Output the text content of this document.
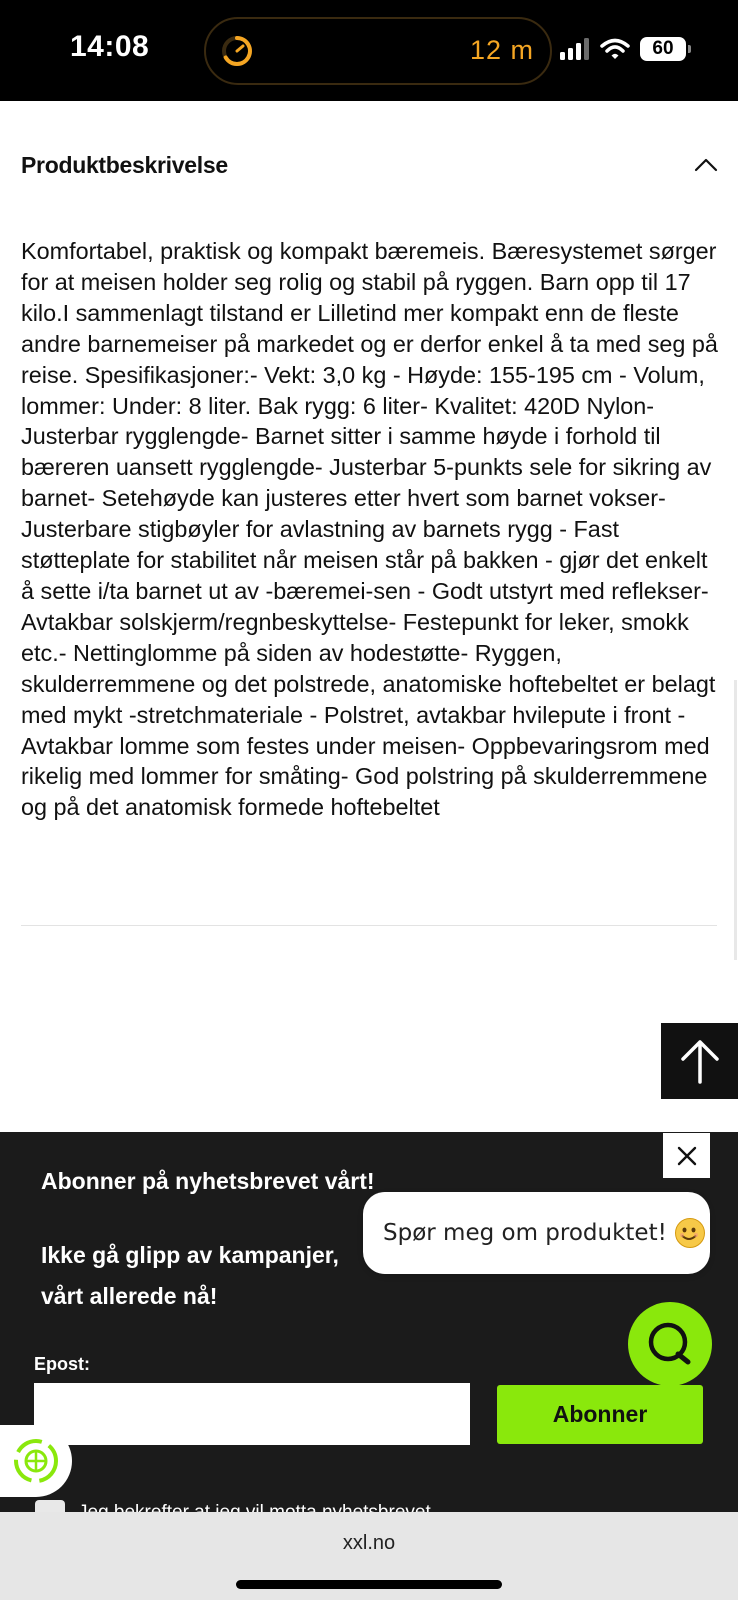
14:08	12 m	60
Produktbeskrivelse
Komfortabel, praktisk og kompakt bæremeis. Bæresystemet sørger for at meisen holder seg rolig og stabil på ryggen. Barn opp til 17 kilo.I sammenlagt tilstand er Lilletind mer kompakt enn de fleste andre barnemeiser på markedet og er derfor enkel å ta med seg på reise. Spesifikasjoner:- Vekt: 3,0 kg - Høyde: 155-195 cm - Volum, lommer: Under: 8 liter. Bak rygg: 6 liter- Kvalitet: 420D Nylon- Justerbar rygglengde- Barnet sitter i samme høyde i forhold til bæreren uansett rygglengde- Justerbar 5-punkts sele for sikring av barnet- Setehøyde kan justeres etter hvert som barnet vokser- Justerbare stigbøyler for avlastning av barnets rygg - Fast støtteplate for stabilitet når meisen står på bakken - gjør det enkelt å sette i/ta barnet ut av -bæremei-sen - Godt utstyrt med reflekser- Avtakbar solskjerm/regnbeskyttelse- Festepunkt for leker, smokk etc.- Nettinglomme på siden av hodestøtte- Ryggen, skulderremmene og det polstrede, anatomiske hoftebeltet er belagt med mykt -stretchmateriale - Polstret, avtakbar hvilepute i front - Avtakbar lomme som festes under meisen- Oppbevaringsrom med rikelig med lommer for småting- God polstring på skulderremmene og på det anatomisk formede hoftebeltet
Abonner på nyhetsbrevet vårt!
Ikke gå glipp av kampanjer, vårt allerede nå!
Epost:
Abonner
Spør meg om produktet!
xxl.no
